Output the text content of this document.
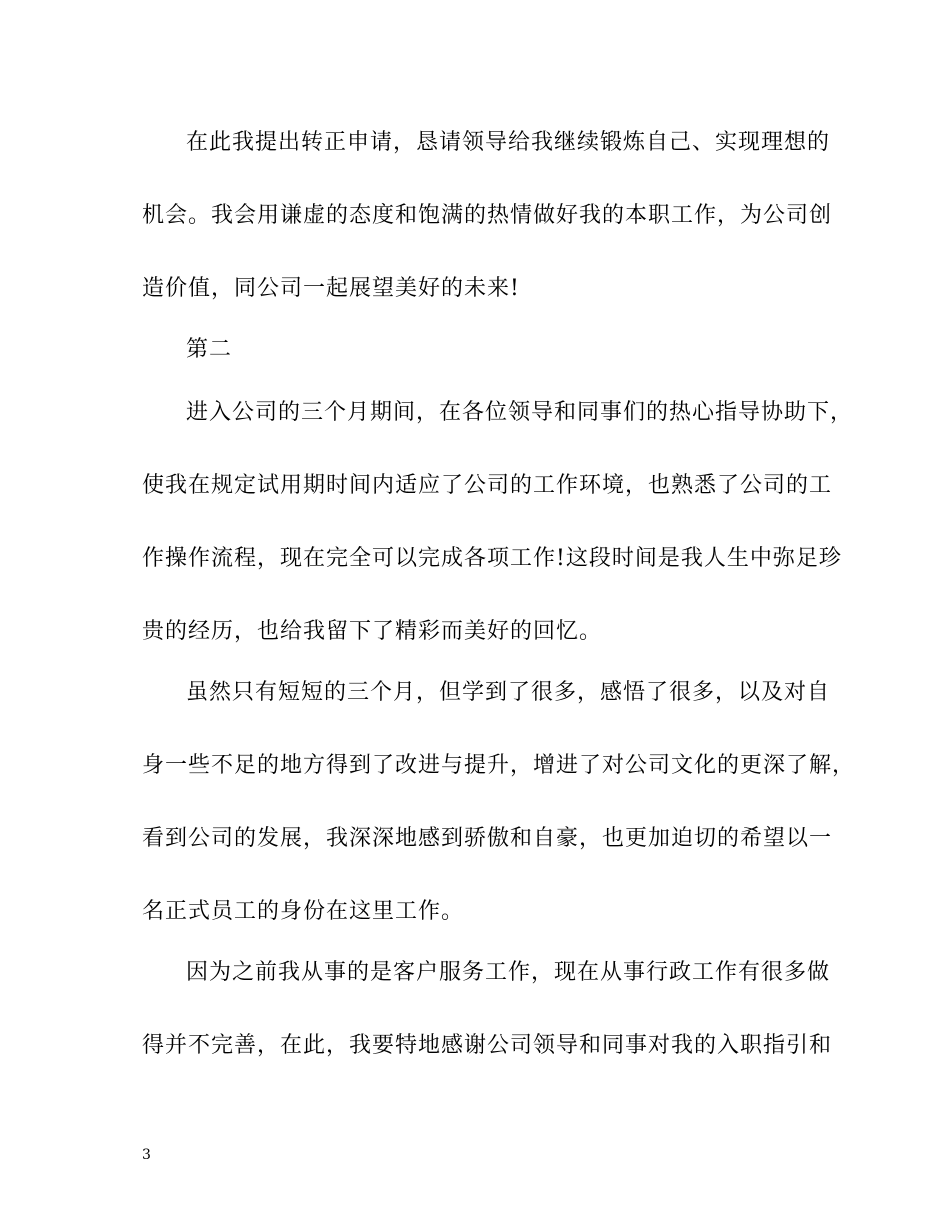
在此我提出转正申请，恳请领导给我继续锻炼自己、实现理想的
机会。我会用谦虚的态度和饱满的热情做好我的本职工作，为公司创
造价值，同公司一起展望美好的未来!
第二
进入公司的三个月期间，在各位领导和同事们的热心指导协助下，
使我在规定试用期时间内适应了公司的工作环境，也熟悉了公司的工
作操作流程，现在完全可以完成各项工作!这段时间是我人生中弥足珍
贵的经历，也给我留下了精彩而美好的回忆。
虽然只有短短的三个月，但学到了很多，感悟了很多，以及对自
身一些不足的地方得到了改进与提升，增进了对公司文化的更深了解，
看到公司的发展，我深深地感到骄傲和自豪，也更加迫切的希望以一
名正式员工的身份在这里工作。
因为之前我从事的是客户服务工作，现在从事行政工作有很多做
得并不完善，在此，我要特地感谢公司领导和同事对我的入职指引和
3
